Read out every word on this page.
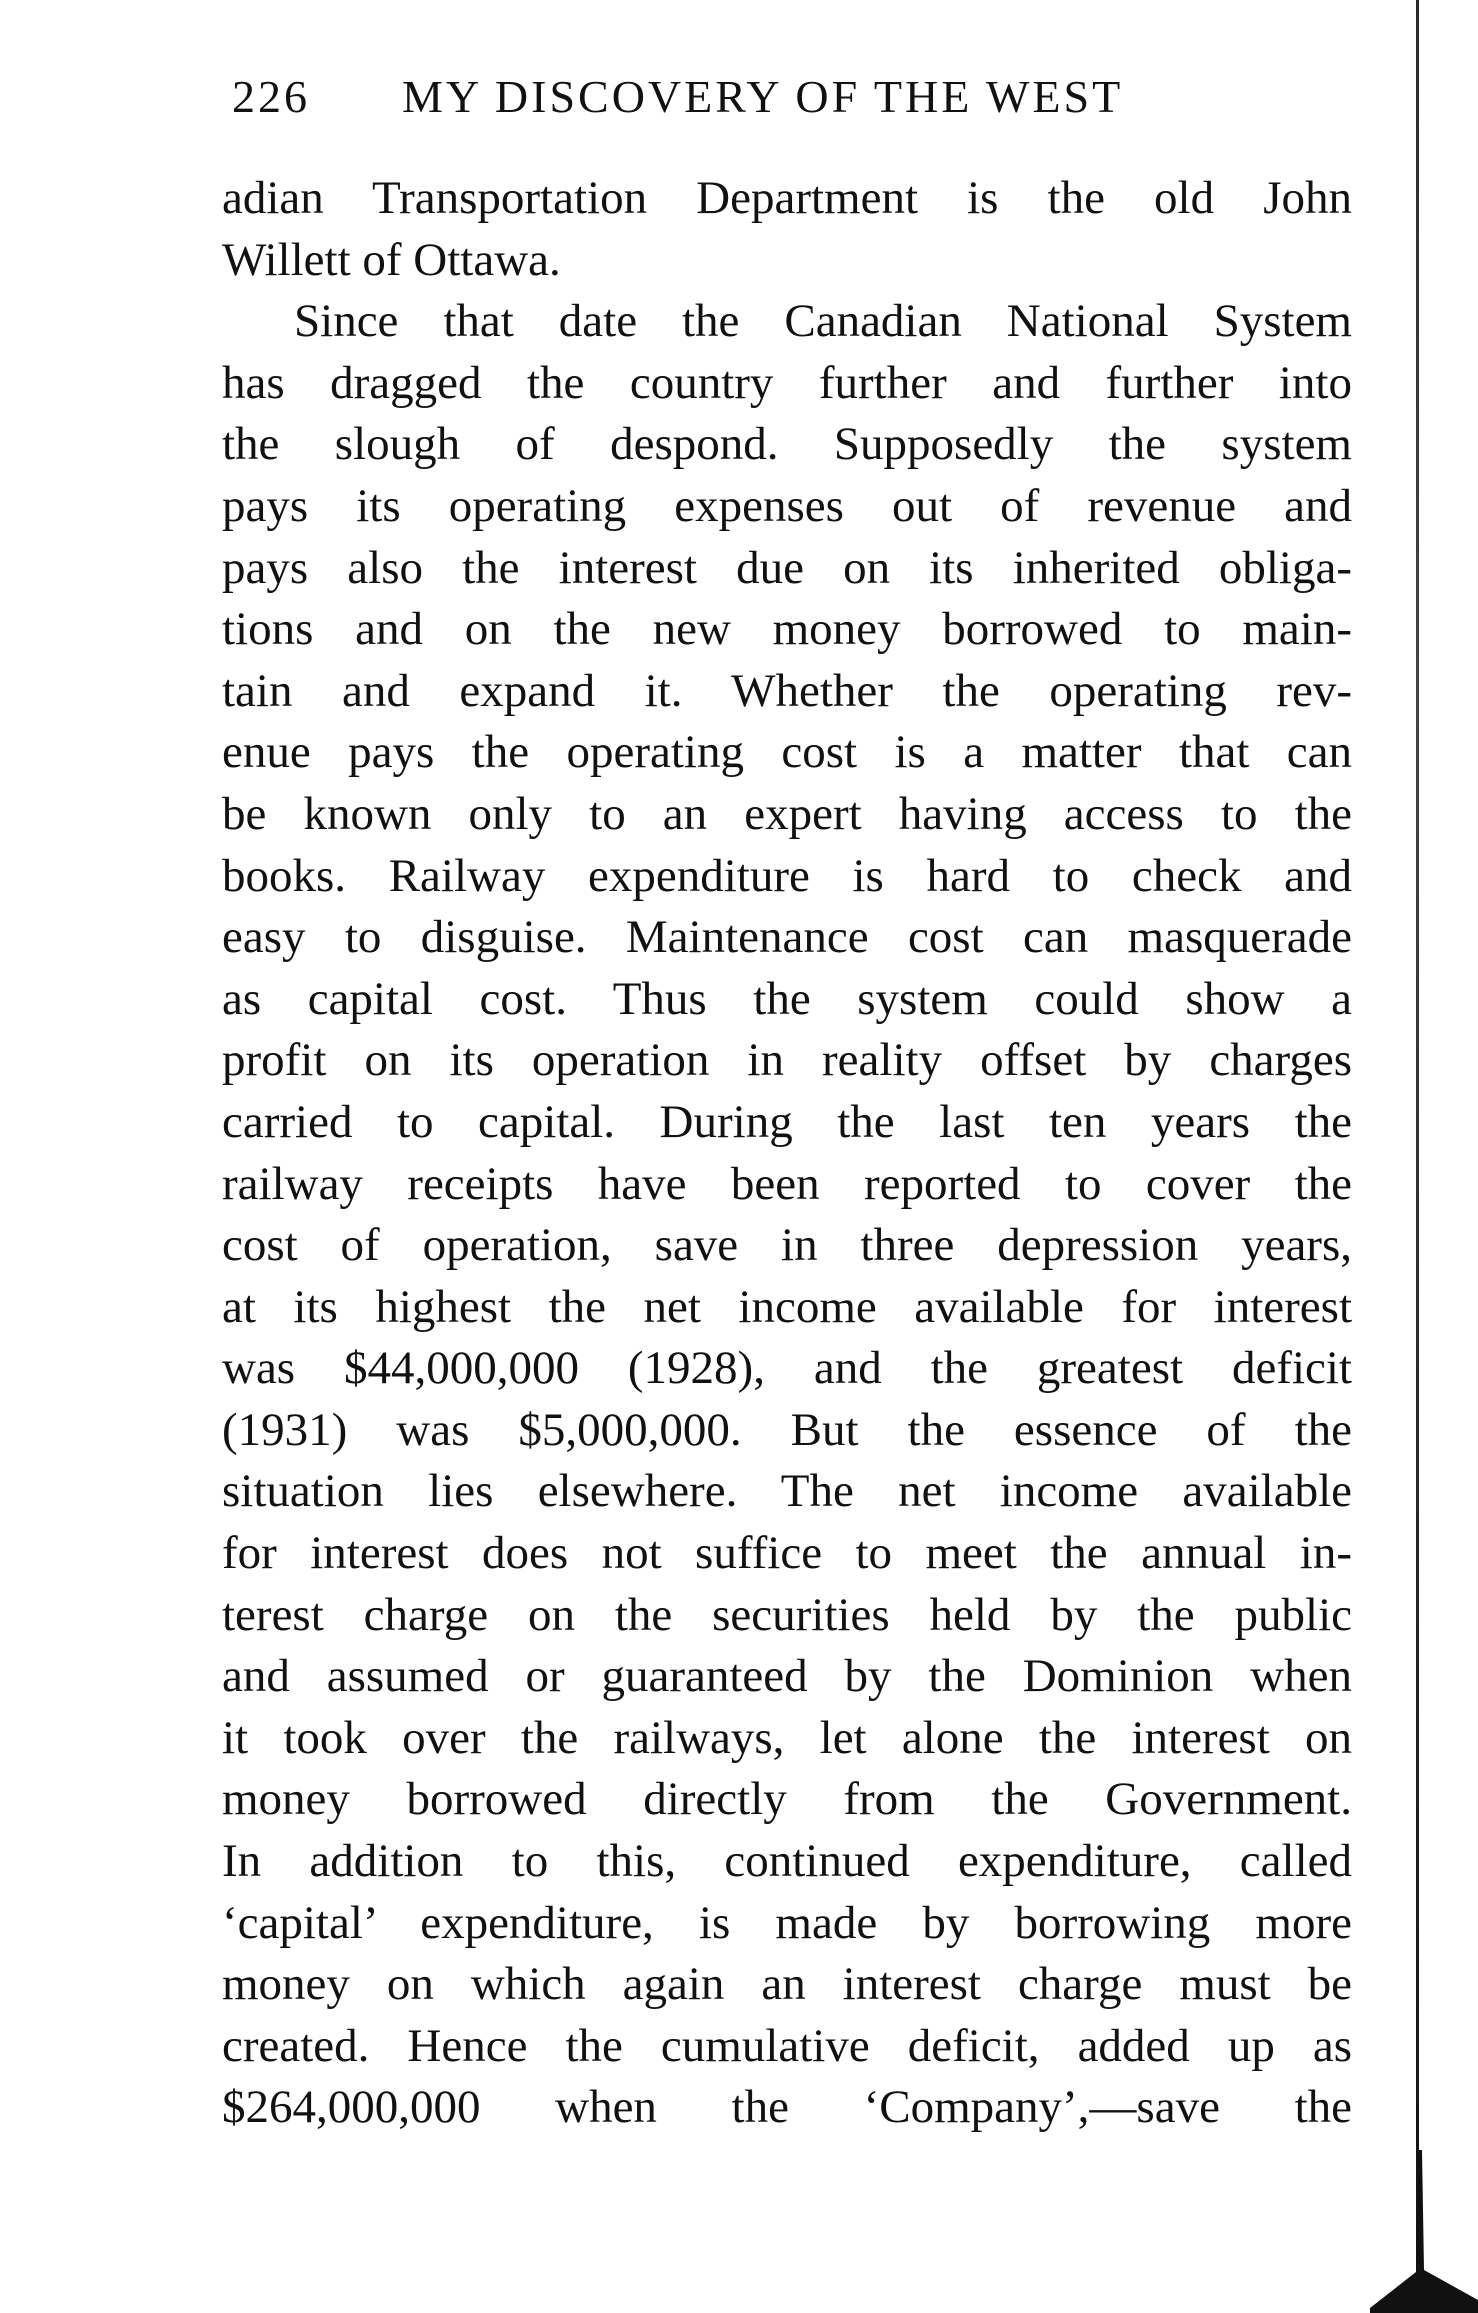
226 MY DISCOVERY OF THE WEST
adian Transportation Department is the old John
Willett of Ottawa.
Since that date the Canadian National System
has dragged the country further and further into
the slough of despond. Supposedly the system
pays its operating expenses out of revenue and
pays also the interest due on its inherited obliga-
tions and on the new money borrowed to main-
tain and expand it. Whether the operating rev-
enue pays the operating cost is a matter that can
be known only to an expert having access to the
books. Railway expenditure is hard to check and
easy to disguise. Maintenance cost can masquerade
as capital cost. Thus the system could show a
profit on its operation in reality offset by charges
carried to capital. During the last ten years the
railway receipts have been reported to cover the
cost of operation, save in three depression years,
at its highest the net income available for interest
was $44,000,000 (1928), and the greatest deficit
(1931) was $5,000,000. But the essence of the
situation lies elsewhere. The net income available
for interest does not suffice to meet the annual in-
terest charge on the securities held by the public
and assumed or guaranteed by the Dominion when
it took over the railways, let alone the interest on
money borrowed directly from the Government.
In addition to this, continued expenditure, called
‘capital’ expenditure, is made by borrowing more
money on which again an interest charge must be
created. Hence the cumulative deficit, added up as
$264,000,000 when the ‘Company’,—save the
